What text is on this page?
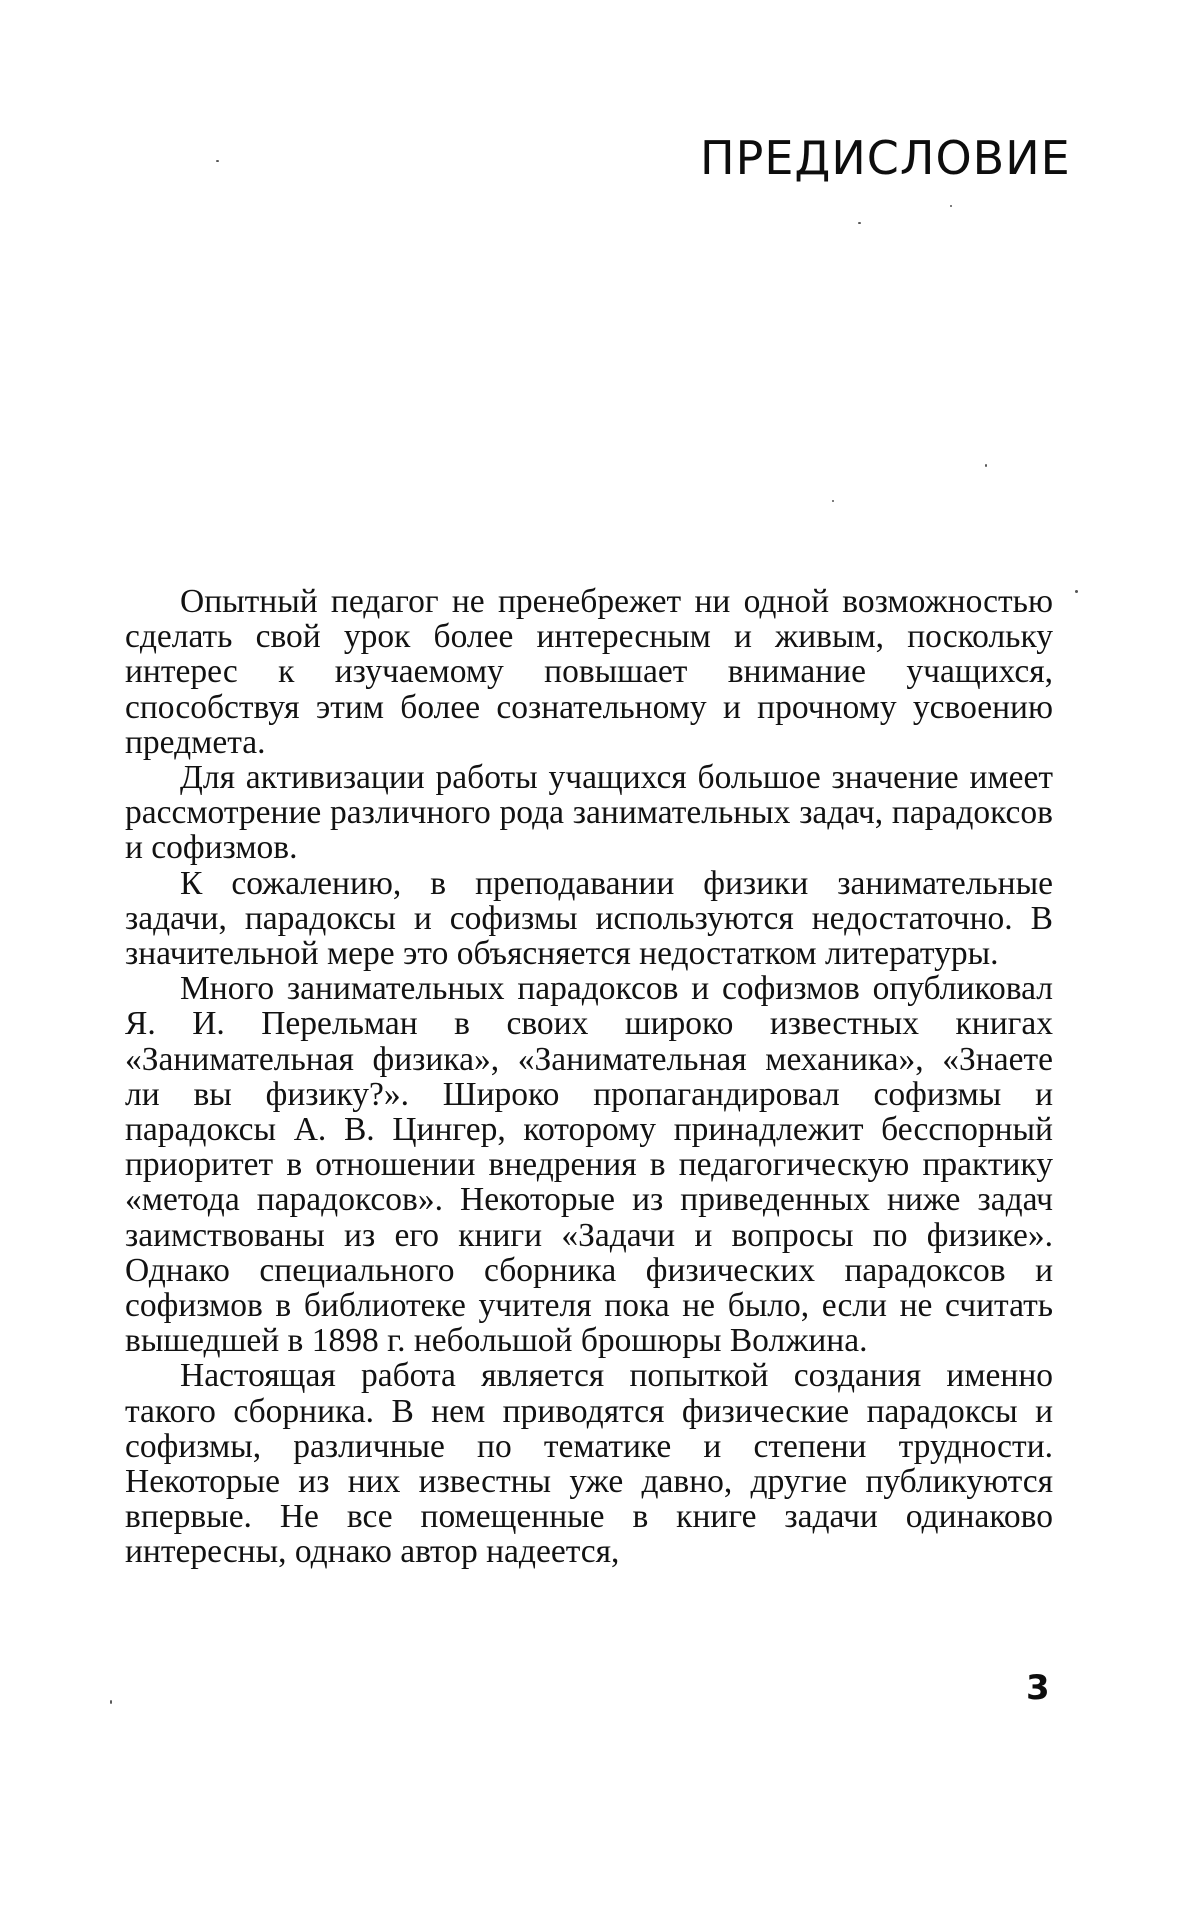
ПРЕДИСЛОВИЕ

Опытный педагог не пренебрежет ни одной возможностью сделать свой урок более интересным и живым, поскольку интерес к изучаемому повышает внимание учащихся, способствуя этим более сознательному и прочному усвоению предмета.

Для активизации работы учащихся большое значение имеет рассмотрение различного рода занимательных задач, парадоксов и софизмов.

К сожалению, в преподавании физики занимательные задачи, парадоксы и софизмы используются недостаточно. В значительной мере это объясняется недостатком литературы.

Много занимательных парадоксов и софизмов опубликовал Я. И. Перельман в своих широко известных книгах «Занимательная физика», «Занимательная механика», «Знаете ли вы физику?». Широко пропагандировал софизмы и парадоксы А. В. Цингер, которому принадлежит бесспорный приоритет в отношении внедрения в педагогическую практику «метода парадоксов». Некоторые из приведенных ниже задач заимствованы из его книги «Задачи и вопросы по физике». Однако специального сборника физических парадоксов и софизмов в библиотеке учителя пока не было, если не считать вышедшей в 1898 г. небольшой брошюры Волжина.

Настоящая работа является попыткой создания именно такого сборника. В нем приводятся физические парадоксы и софизмы, различные по тематике и степени трудности. Некоторые из них известны уже давно, другие публикуются впервые. Не все помещенные в книге задачи одинаково интересны, однако автор надеется,

3
